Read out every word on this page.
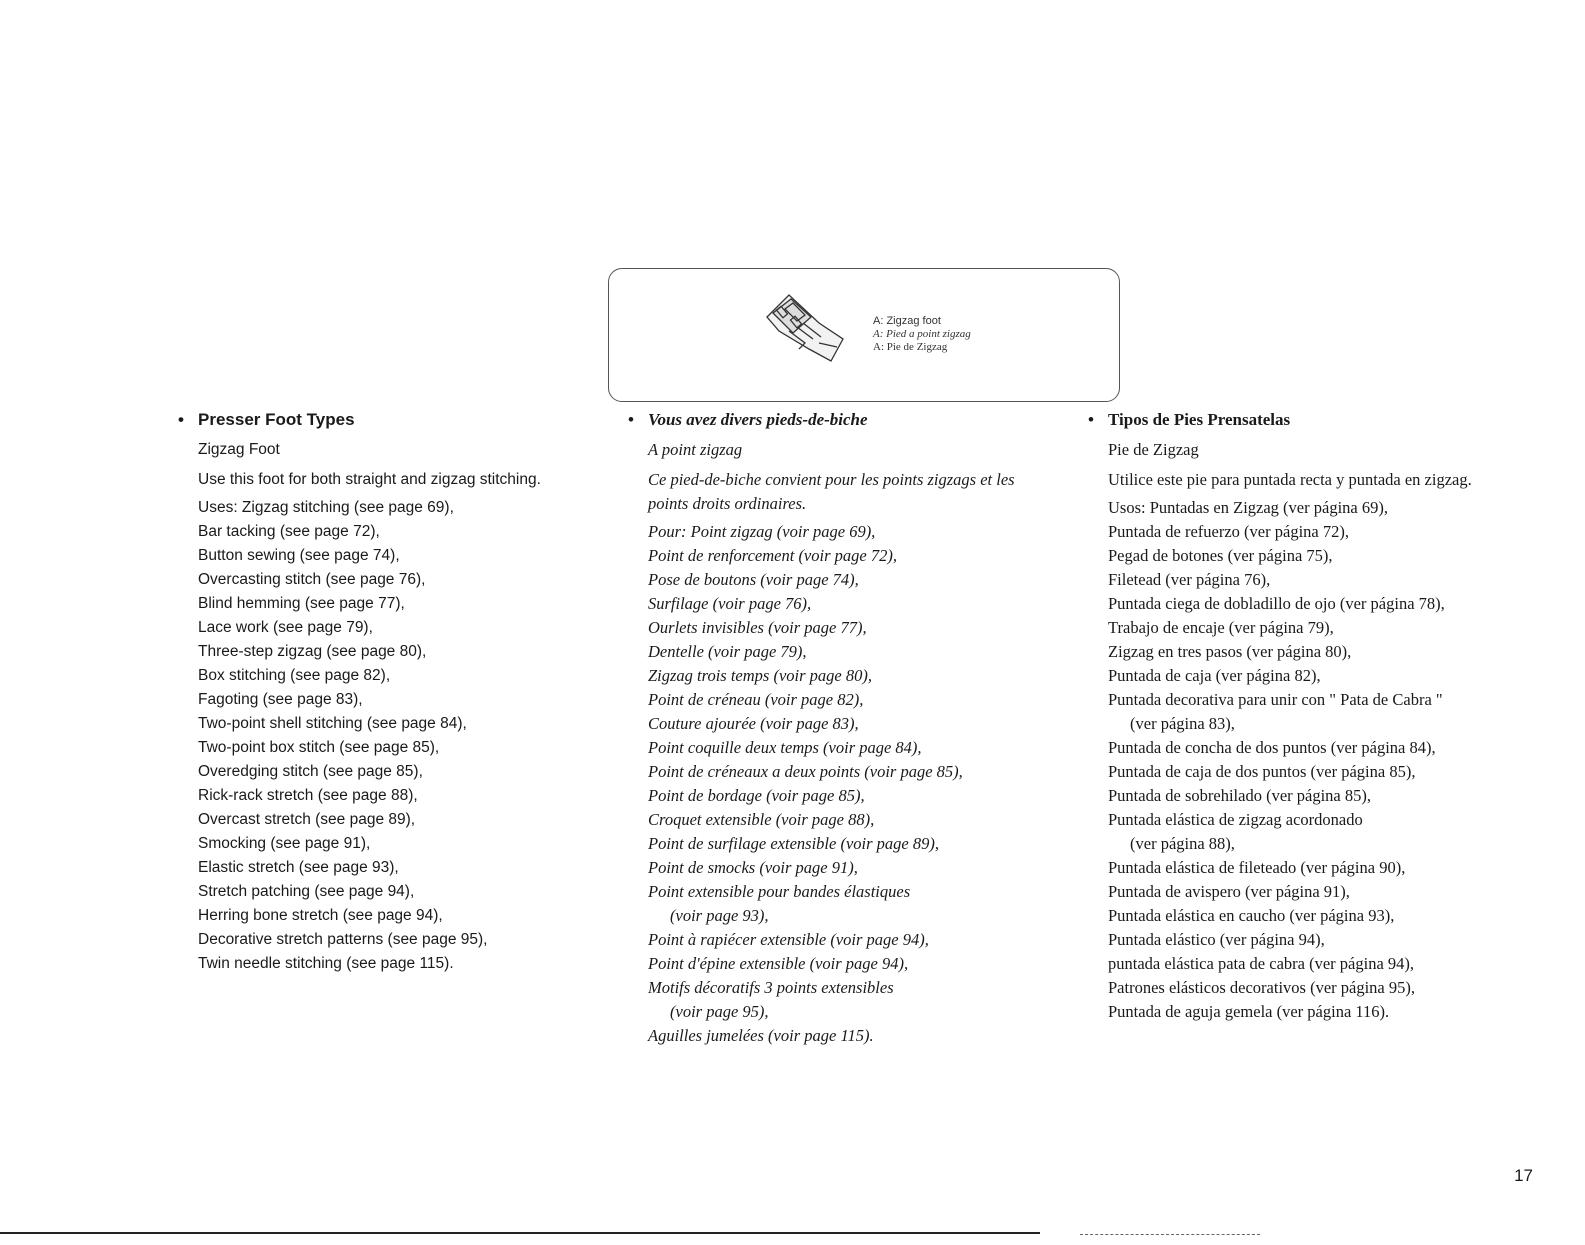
A: Zigzag foot
A: Pied a point zigzag
A: Pie de Zigzag
• Presser Foot Types
Zigzag Foot
Use this foot for both straight and zigzag stitching.
Uses: Zigzag stitching (see page 69),
Bar tacking (see page 72),
Button sewing (see page 74),
Overcasting stitch (see page 76),
Blind hemming (see page 77),
Lace work (see page 79),
Three-step zigzag (see page 80),
Box stitching (see page 82),
Fagoting (see page 83),
Two-point shell stitching (see page 84),
Two-point box stitch (see page 85),
Overedging stitch (see page 85),
Rick-rack stretch (see page 88),
Overcast stretch (see page 89),
Smocking (see page 91),
Elastic stretch (see page 93),
Stretch patching (see page 94),
Herring bone stretch (see page 94),
Decorative stretch patterns (see page 95),
Twin needle stitching (see page 115).
• Vous avez divers pieds-de-biche
A point zigzag
Ce pied-de-biche convient pour les points zigzags et les points droits ordinaires.
Pour: Point zigzag (voir page 69),
Point de renforcement (voir page 72),
Pose de boutons (voir page 74),
Surfilage (voir page 76),
Ourlets invisibles (voir page 77),
Dentelle (voir page 79),
Zigzag trois temps (voir page 80),
Point de créneau (voir page 82),
Couture ajourée (voir page 83),
Point coquille deux temps (voir page 84),
Point de créneaux a deux points (voir page 85),
Point de bordage (voir page 85),
Croquet extensible (voir page 88),
Point de surfilage extensible (voir page 89),
Point de smocks (voir page 91),
Point extensible pour bandes élastiques
(voir page 93),
Point à rapiécer extensible (voir page 94),
Point d'épine extensible (voir page 94),
Motifs décoratifs 3 points extensibles
(voir page 95),
Aguilles jumelées (voir page 115).
• Tipos de Pies Prensatelas
Pie de Zigzag
Utilice este pie para puntada recta y puntada en zigzag.
Usos: Puntadas en Zigzag (ver página 69),
Puntada de refuerzo (ver página 72),
Pegad de botones (ver página 75),
Filetead (ver página 76),
Puntada ciega de dobladillo de ojo (ver página 78),
Trabajo de encaje (ver página 79),
Zigzag en tres pasos (ver página 80),
Puntada de caja (ver página 82),
Puntada decorativa para unir con " Pata de Cabra "
(ver página 83),
Puntada de concha de dos puntos (ver página 84),
Puntada de caja de dos puntos (ver página 85),
Puntada de sobrehilado (ver página 85),
Puntada elástica de zigzag acordonado
(ver página 88),
Puntada elástica de fileteado (ver página 90),
Puntada de avispero (ver página 91),
Puntada elástica en caucho (ver página 93),
Puntada elástico (ver página 94),
puntada elástica pata de cabra (ver página 94),
Patrones elásticos decorativos (ver página 95),
Puntada de aguja gemela (ver página 116).
17
